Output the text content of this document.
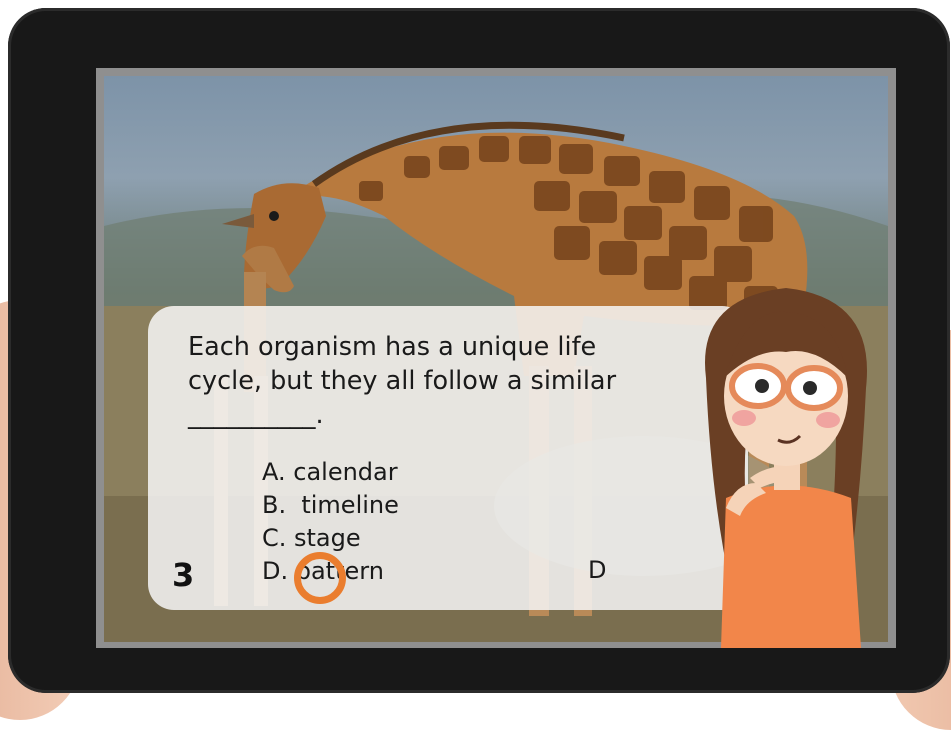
Each organism has a unique life cycle, but they all follow a similar __________.
A. calendar
B.  timeline
C. stage
D. pattern
3	D
